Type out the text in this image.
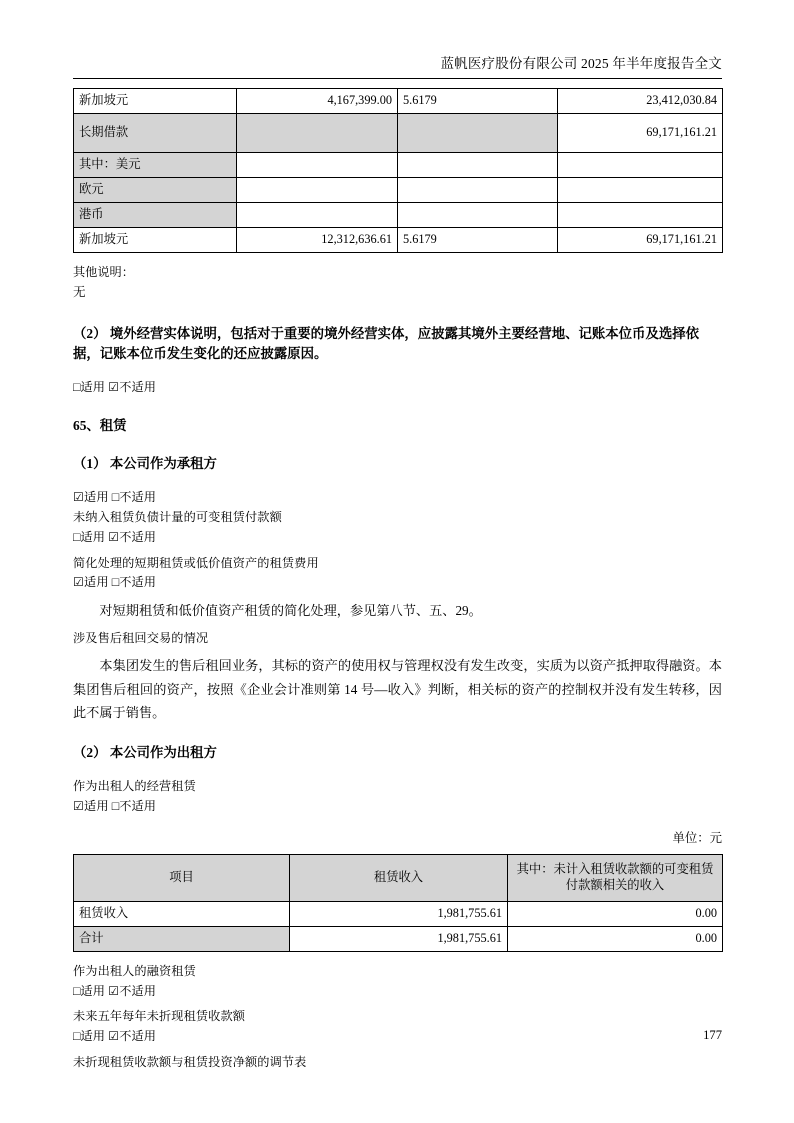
蓝帆医疗股份有限公司 2025 年半年度报告全文
新加坡元	4,167,399.00	5.6179	23,412,030.84
长期借款			69,171,161.21
其中：美元			
欧元			
港币			
新加坡元	12,312,636.61	5.6179	69,171,161.21

其他说明：

无

（2） 境外经营实体说明，包括对于重要的境外经营实体，应披露其境外主要经营地、记账本位币及选择依据，记账本位币发生变化的还应披露原因。

□适用 ☑不适用

65、租赁

（1） 本公司作为承租方

☑适用 □不适用

未纳入租赁负债计量的可变租赁付款额

□适用 ☑不适用

简化处理的短期租赁或低价值资产的租赁费用

☑适用 □不适用

对短期租赁和低价值资产租赁的简化处理，参见第八节、五、29。

涉及售后租回交易的情况

本集团发生的售后租回业务，其标的资产的使用权与管理权没有发生改变，实质为以资产抵押取得融资。本集团售后租回的资产，按照《企业会计准则第 14 号—收入》判断，相关标的资产的控制权并没有发生转移，因此不属于销售。

（2） 本公司作为出租方

作为出租人的经营租赁

☑适用 □不适用

单位：元

项目	租赁收入	其中：未计入租赁收款额的可变租赁付款额相关的收入
租赁收入	1,981,755.61	0.00
合计	1,981,755.61	0.00

作为出租人的融资租赁

□适用 ☑不适用

未来五年每年未折现租赁收款额

□适用 ☑不适用

未折现租赁收款额与租赁投资净额的调节表

177
